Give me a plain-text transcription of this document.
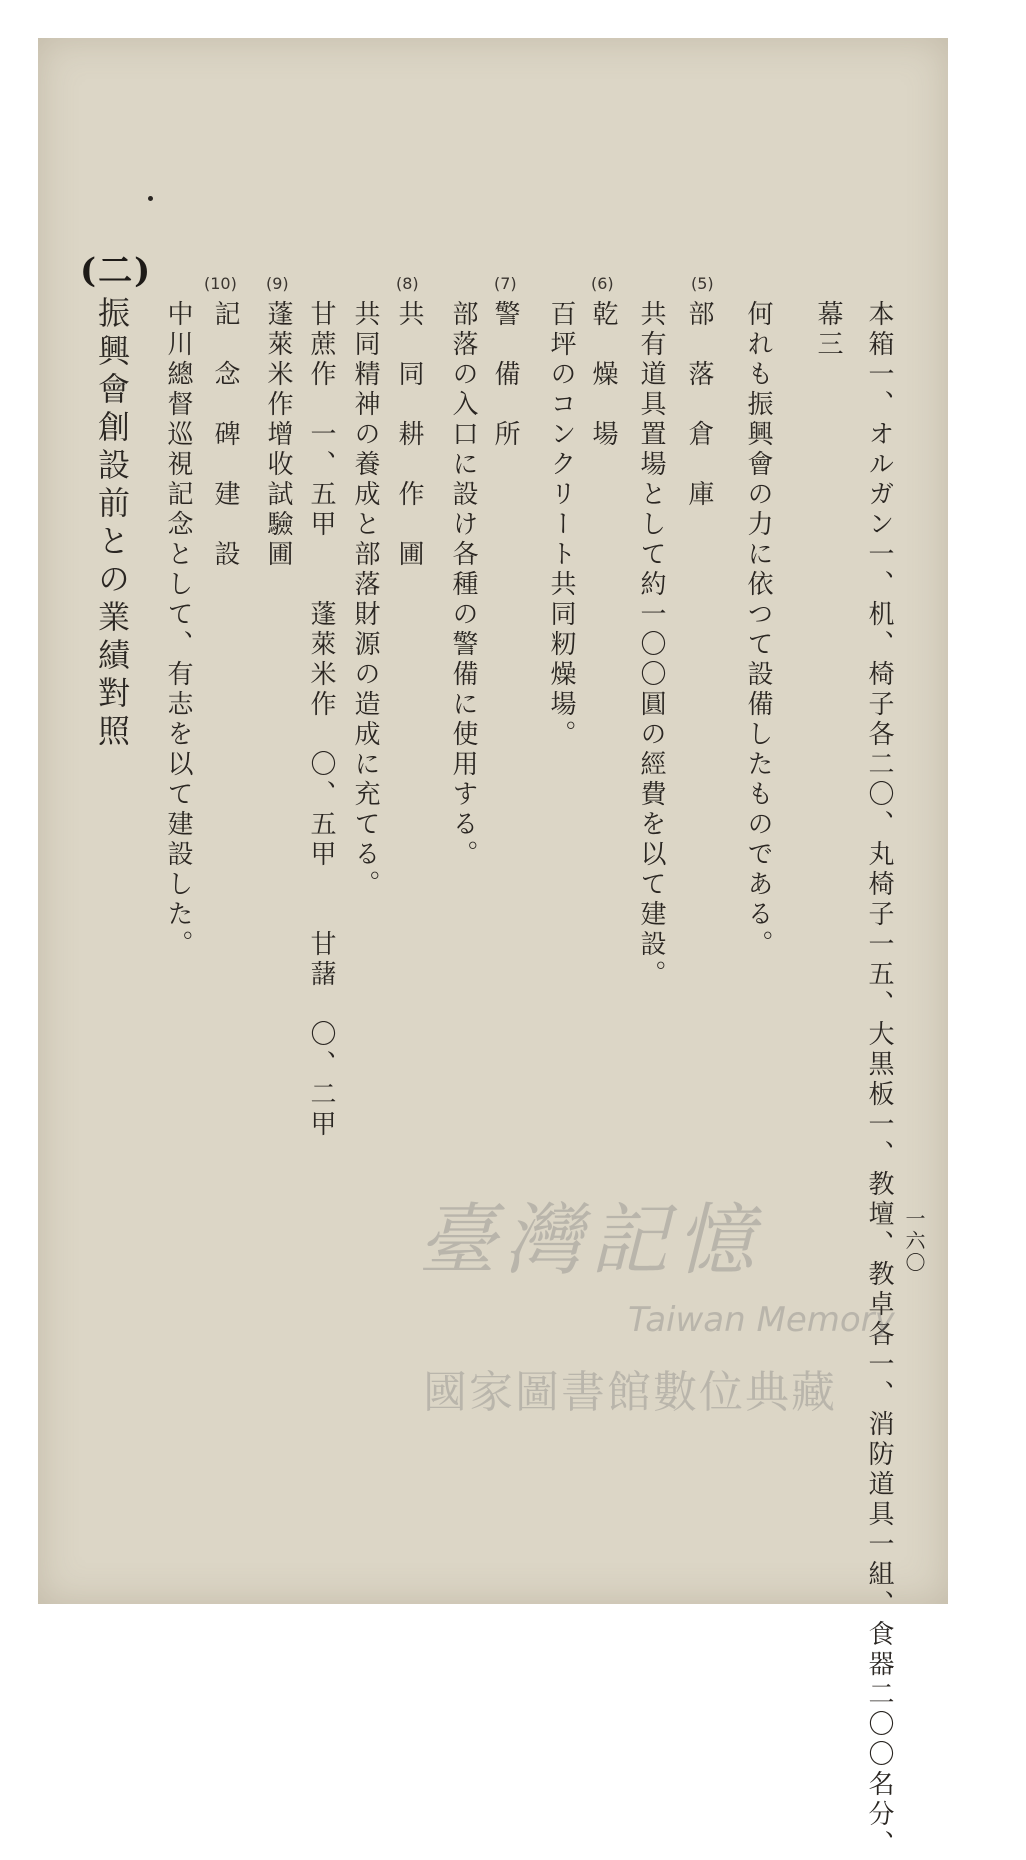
一六〇
本箱一、オルガン一、机、椅子各二〇、丸椅子一五、大黒板一、教壇、教卓各一、消防道具一組、食器二〇〇名分、
幕三
(5)
部　落　倉　庫 何れも振興會の力に依つて設備したものである。
(6)
乾　燥　場 共有道具置場として約一〇〇圓の經費を以て建設。
百坪のコンクリート共同籾燥場。
(7)
警　備　所
部落の入口に設け各種の警備に使用する。
(8)
共　同　耕　作　圃
共同精神の養成と部落財源の造成に充てる。
甘蔗作　一、五甲　　蓬萊米作　〇、五甲　　甘藷　〇、二甲
(9)
蓬萊米作增收試驗圃
(10)
記　念　碑　建　設
中川總督巡視記念として、有志を以て建設した。
(二)
振興會創設前との業績對照
臺灣記憶
Taiwan Memory
國家圖書館數位典藏
